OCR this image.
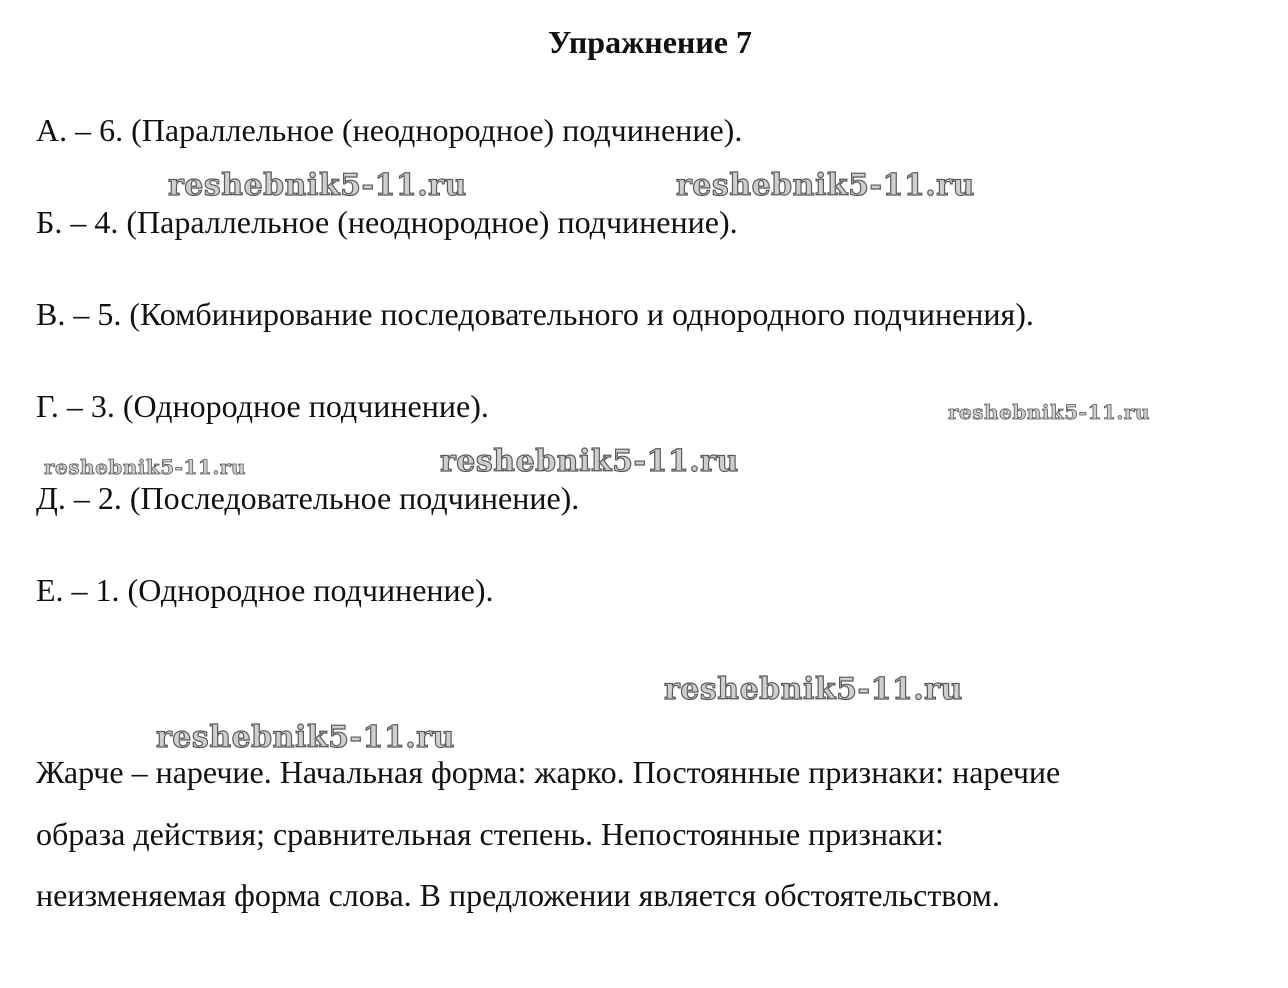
Упражнение 7
А. – 6. (Параллельное (неоднородное) подчинение).
Б. – 4. (Параллельное (неоднородное) подчинение).
В. – 5. (Комбинирование последовательного и однородного подчинения).
Г. – 3. (Однородное подчинение).
Д. – 2. (Последовательное подчинение).
Е. – 1. (Однородное подчинение).
Жарче – наречие. Начальная форма: жарко. Постоянные признаки: наречие
образа действия; сравнительная степень. Непостоянные признаки:
неизменяемая форма слова. В предложении является обстоятельством.
reshebnik5-11.ru	reshebnik5-11.ru
reshebnik5-11.ru
reshebnik5-11.ru	reshebnik5-11.ru
reshebnik5-11.ru
reshebnik5-11.ru
